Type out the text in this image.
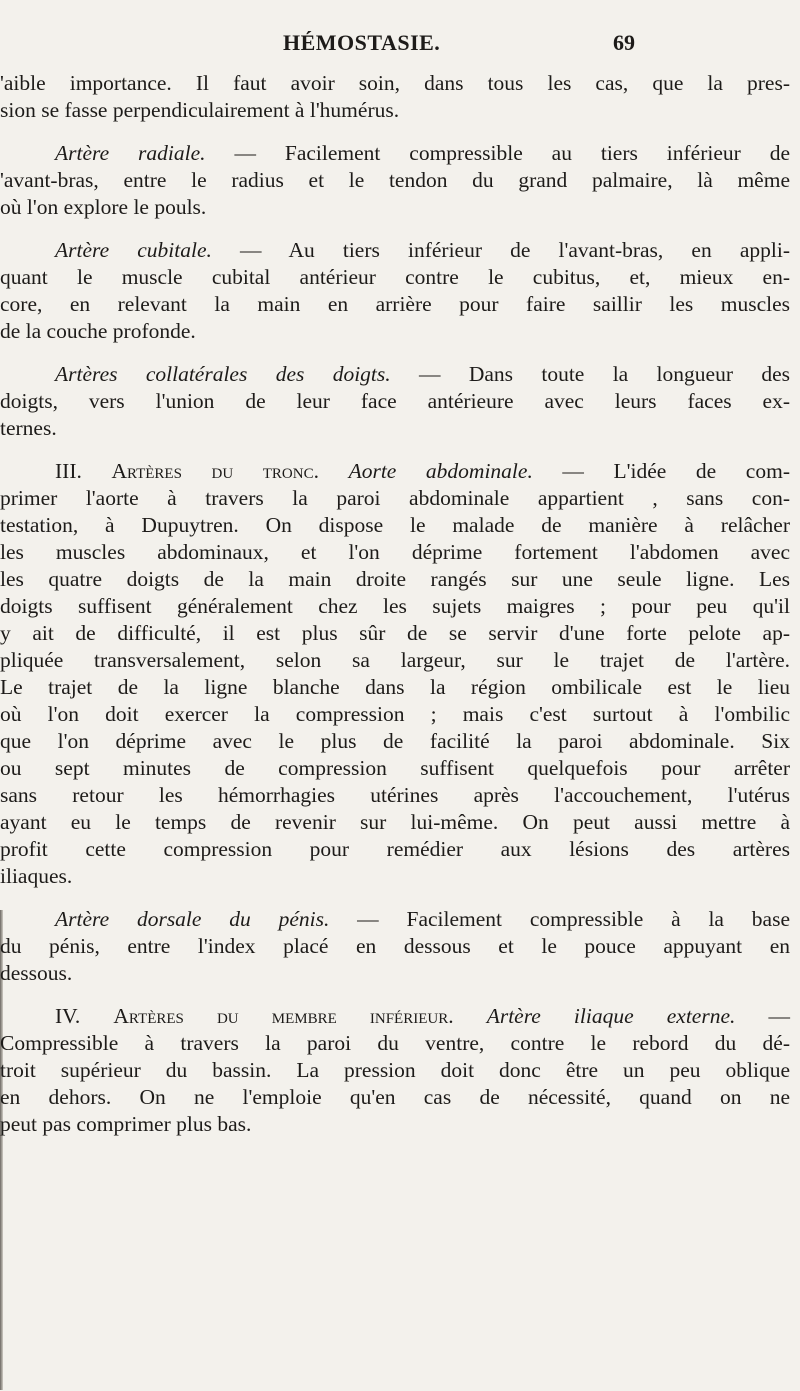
HÉMOSTASIE.	69
'aible importance. Il faut avoir soin, dans tous les cas, que la pres-
sion se fasse perpendiculairement à l'humérus.
Artère radiale. — Facilement compressible au tiers inférieur de
'avant-bras, entre le radius et le tendon du grand palmaire, là même
où l'on explore le pouls.
Artère cubitale. — Au tiers inférieur de l'avant-bras, en appli-
quant le muscle cubital antérieur contre le cubitus, et, mieux en-
core, en relevant la main en arrière pour faire saillir les muscles
de la couche profonde.
Artères collatérales des doigts. — Dans toute la longueur des
doigts, vers l'union de leur face antérieure avec leurs faces ex-
ternes.
III. Artères du tronc. Aorte abdominale. — L'idée de com-
primer l'aorte à travers la paroi abdominale appartient , sans con-
testation, à Dupuytren. On dispose le malade de manière à relâcher
les muscles abdominaux, et l'on déprime fortement l'abdomen avec
les quatre doigts de la main droite rangés sur une seule ligne. Les
doigts suffisent généralement chez les sujets maigres ; pour peu qu'il
y ait de difficulté, il est plus sûr de se servir d'une forte pelote ap-
pliquée transversalement, selon sa largeur, sur le trajet de l'artère.
Le trajet de la ligne blanche dans la région ombilicale est le lieu
où l'on doit exercer la compression ; mais c'est surtout à l'ombilic
que l'on déprime avec le plus de facilité la paroi abdominale. Six
ou sept minutes de compression suffisent quelquefois pour arrêter
sans retour les hémorrhagies utérines après l'accouchement, l'utérus
ayant eu le temps de revenir sur lui-même. On peut aussi mettre à
profit cette compression pour remédier aux lésions des artères
iliaques.
Artère dorsale du pénis. — Facilement compressible à la base
du pénis, entre l'index placé en dessous et le pouce appuyant en
dessous.
IV. Artères du membre inférieur. Artère iliaque externe. —
Compressible à travers la paroi du ventre, contre le rebord du dé-
troit supérieur du bassin. La pression doit donc être un peu oblique
en dehors. On ne l'emploie qu'en cas de nécessité, quand on ne
peut pas comprimer plus bas.
